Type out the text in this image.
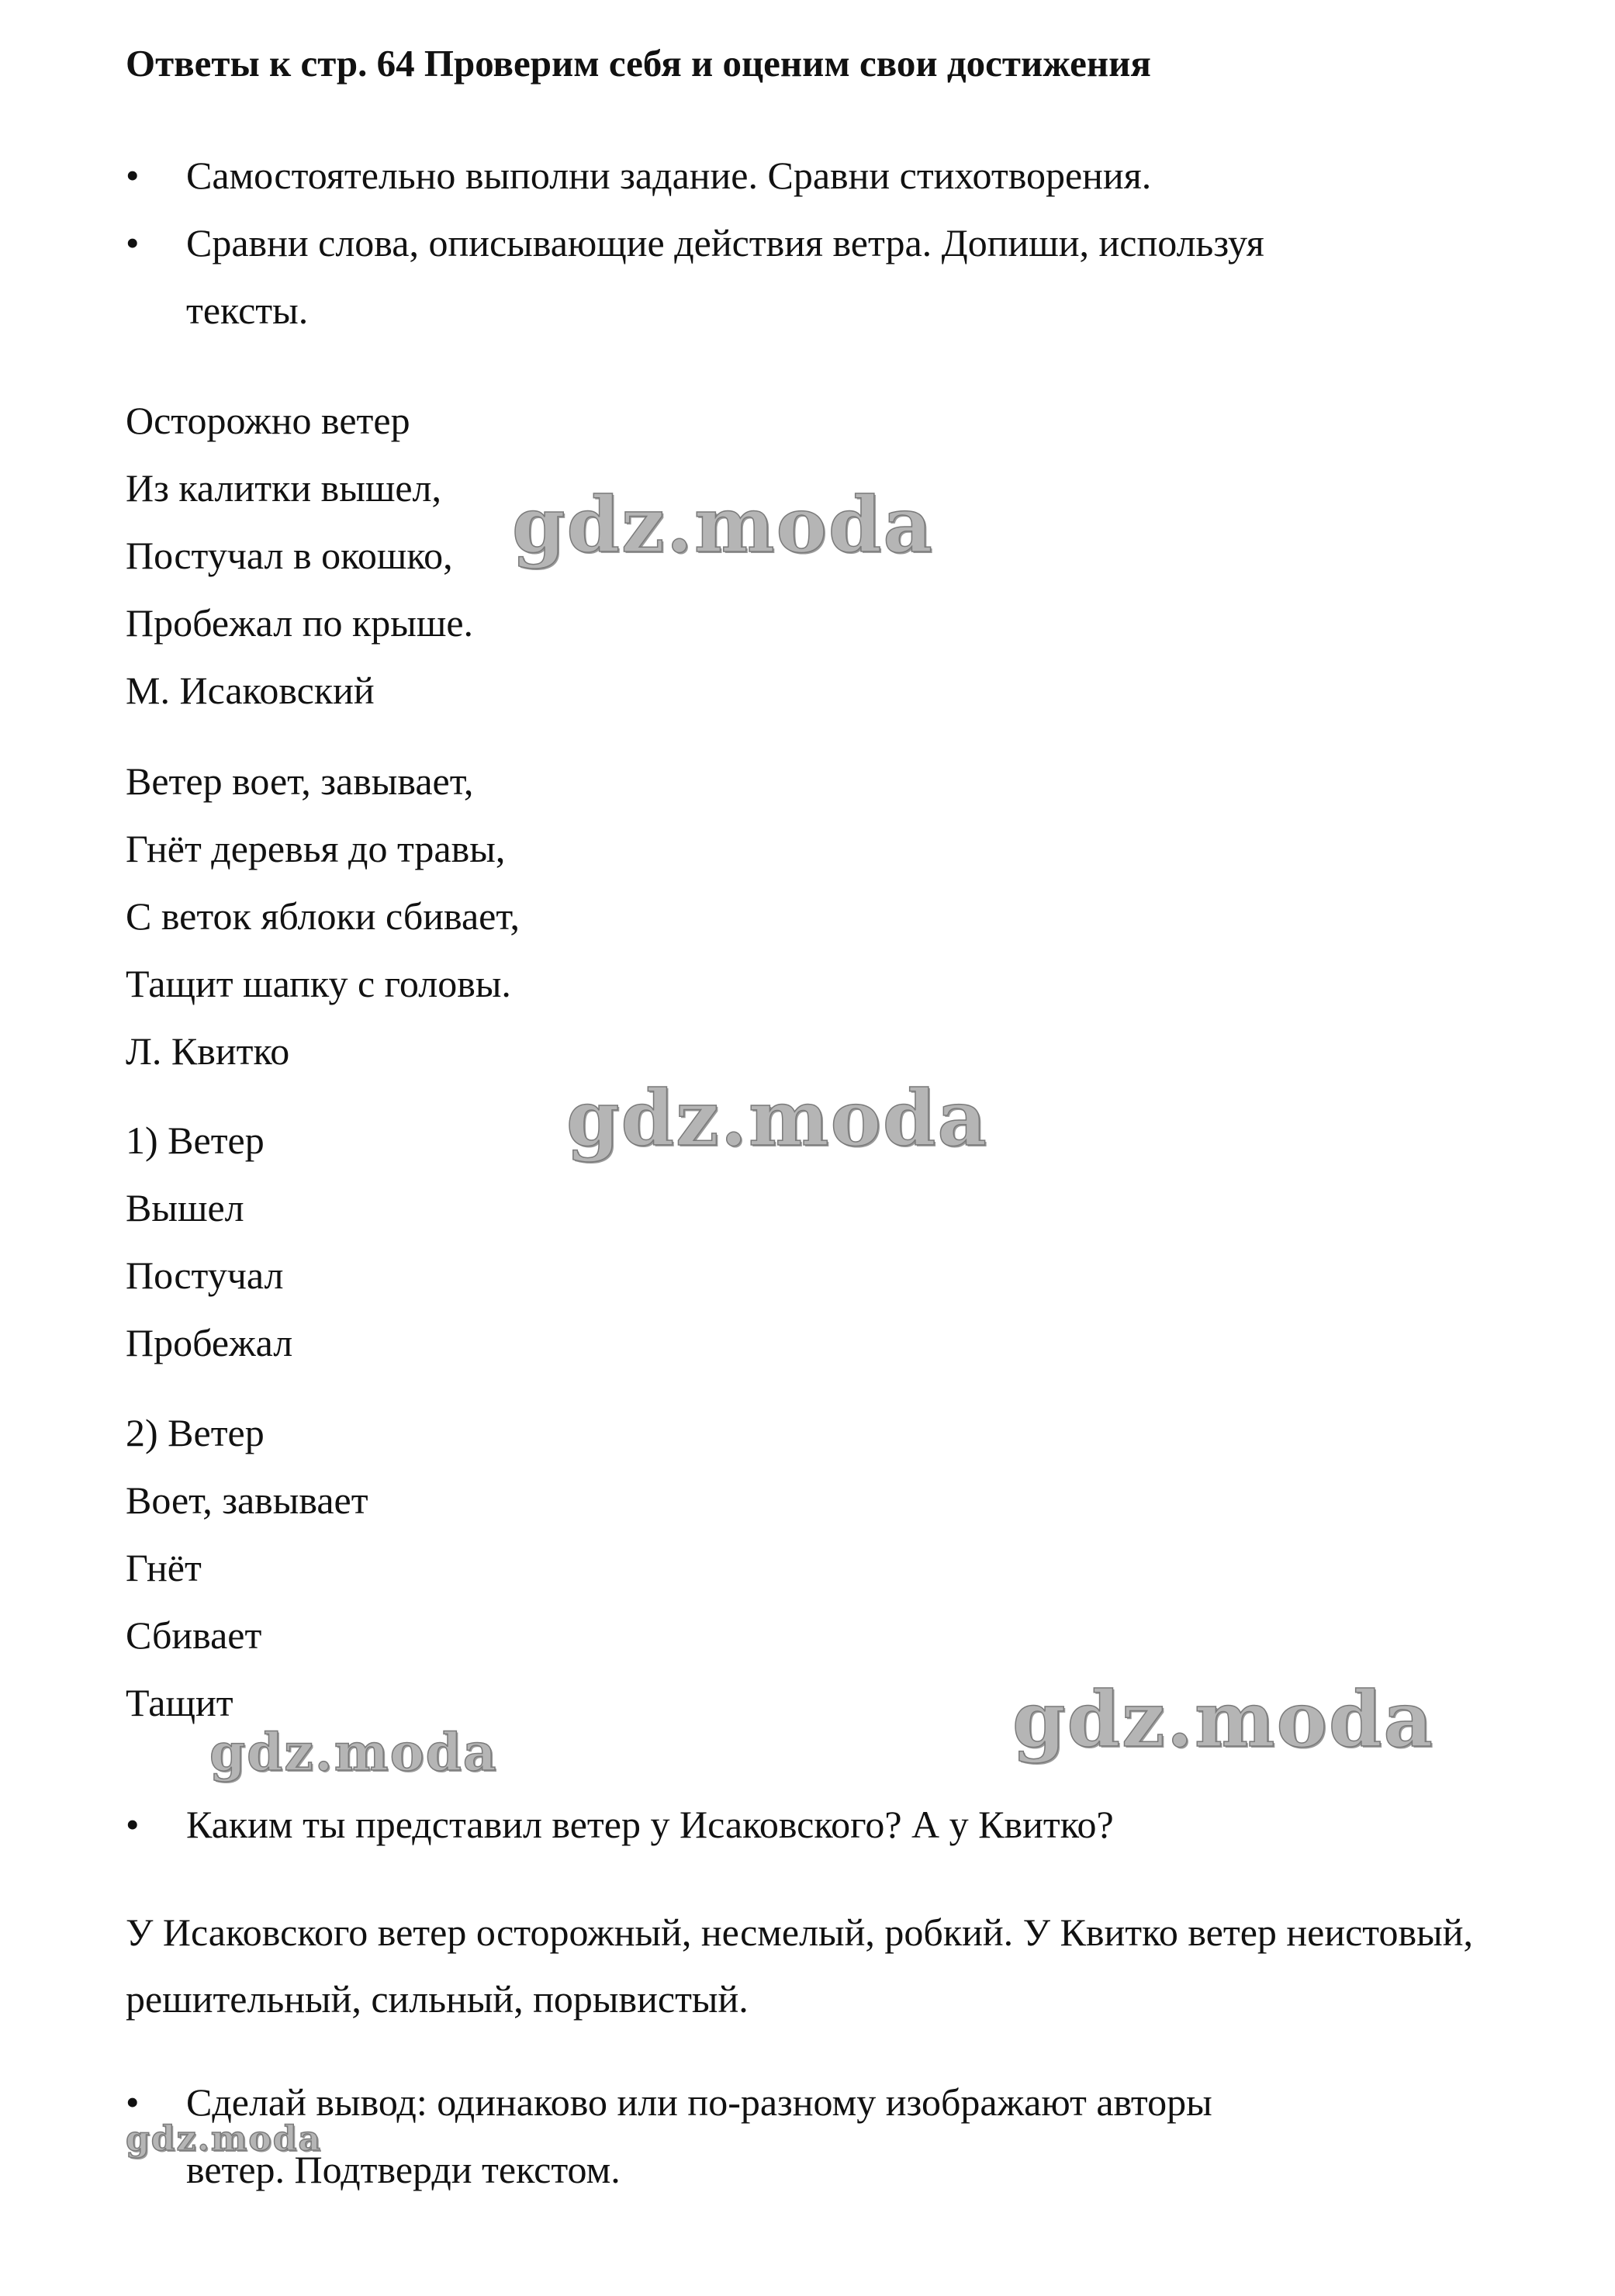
Ответы к стр. 64 Проверим себя и оценим свои достижения
• Самостоятельно выполни задание. Сравни стихотворения.
• Сравни слова, описывающие действия ветра. Допиши, используя
тексты.
Осторожно ветер
Из калитки вышел,
Постучал в окошко,
Пробежал по крыше.
М. Исаковский
Ветер воет, завывает,
Гнёт деревья до травы,
С веток яблоки сбивает,
Тащит шапку с головы.
Л. Квитко
1) Ветер
Вышел
Постучал
Пробежал
2) Ветер
Воет, завывает
Гнёт
Сбивает
Тащит
• Каким ты представил ветер у Исаковского? А у Квитко?
У Исаковского ветер осторожный, несмелый, робкий. У Квитко ветер неистовый, решительный, сильный, порывистый.
• Сделай вывод: одинаково или по-разному изображают авторы
ветер. Подтверди текстом.
gdz.moda
gdz.moda
gdz.moda
gdz.moda
gdz.moda
